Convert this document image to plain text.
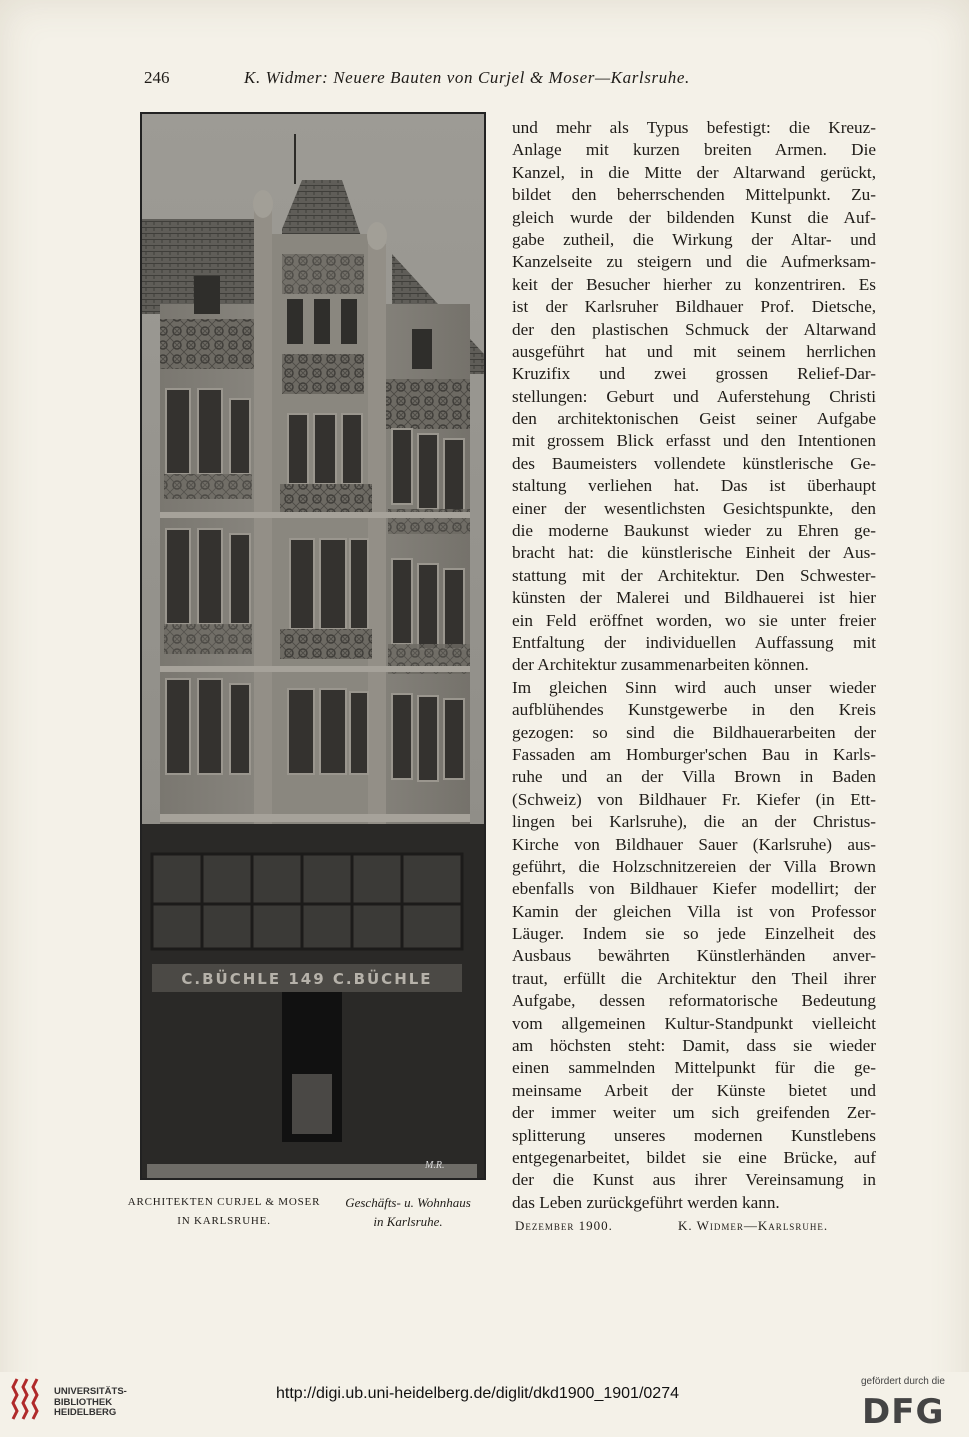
246	K. Widmer: Neuere Bauten von Curjel & Moser—Karlsruhe.
C.BÜCHLE 149 C.BÜCHLE
M.R.
ARCHITEKTEN CURJEL & MOSER
IN KARLSRUHE.
Geschäfts- u. Wohnhaus
in Karlsruhe.
und mehr als Typus befestigt: die Kreuz-
Anlage mit kurzen breiten Armen. Die
Kanzel, in die Mitte der Altarwand gerückt,
bildet den beherrschenden Mittelpunkt. Zu-
gleich wurde der bildenden Kunst die Auf-
gabe zutheil, die Wirkung der Altar- und
Kanzelseite zu steigern und die Aufmerksam-
keit der Besucher hierher zu konzentriren. Es
ist der Karlsruher Bildhauer Prof. Dietsche,
der den plastischen Schmuck der Altarwand
ausgeführt hat und mit seinem herrlichen
Kruzifix und zwei grossen Relief-Dar-
stellungen: Geburt und Auferstehung Christi
den architektonischen Geist seiner Aufgabe
mit grossem Blick erfasst und den Intentionen
des Baumeisters vollendete künstlerische Ge-
staltung verliehen hat. Das ist überhaupt
einer der wesentlichsten Gesichtspunkte, den
die moderne Baukunst wieder zu Ehren ge-
bracht hat: die künstlerische Einheit der Aus-
stattung mit der Architektur. Den Schwester-
künsten der Malerei und Bildhauerei ist hier
ein Feld eröffnet worden, wo sie unter freier
Entfaltung der individuellen Auffassung mit
der Architektur zusammenarbeiten können.
Im gleichen Sinn wird auch unser wieder
aufblühendes Kunstgewerbe in den Kreis
gezogen: so sind die Bildhauerarbeiten der
Fassaden am Homburger'schen Bau in Karls-
ruhe und an der Villa Brown in Baden
(Schweiz) von Bildhauer Fr. Kiefer (in Ett-
lingen bei Karlsruhe), die an der Christus-
Kirche von Bildhauer Sauer (Karlsruhe) aus-
geführt, die Holzschnitzereien der Villa Brown
ebenfalls von Bildhauer Kiefer modellirt; der
Kamin der gleichen Villa ist von Professor
Läuger. Indem sie so jede Einzelheit des
Ausbaus bewährten Künstlerhänden anver-
traut, erfüllt die Architektur den Theil ihrer
Aufgabe, dessen reformatorische Bedeutung
vom allgemeinen Kultur-Standpunkt vielleicht
am höchsten steht: Damit, dass sie wieder
einen sammelnden Mittelpunkt für die ge-
meinsame Arbeit der Künste bietet und
der immer weiter um sich greifenden Zer-
splitterung unseres modernen Kunstlebens
entgegenarbeitet, bildet sie eine Brücke, auf
der die Kunst aus ihrer Vereinsamung in
das Leben zurückgeführt werden kann.
Dezember 1900.	K. Widmer—Karlsruhe.
UNIVERSITÄTS-
BIBLIOTHEK
HEIDELBERG
http://digi.ub.uni-heidelberg.de/diglit/dkd1900_1901/0274
gefördert durch die
DFG
